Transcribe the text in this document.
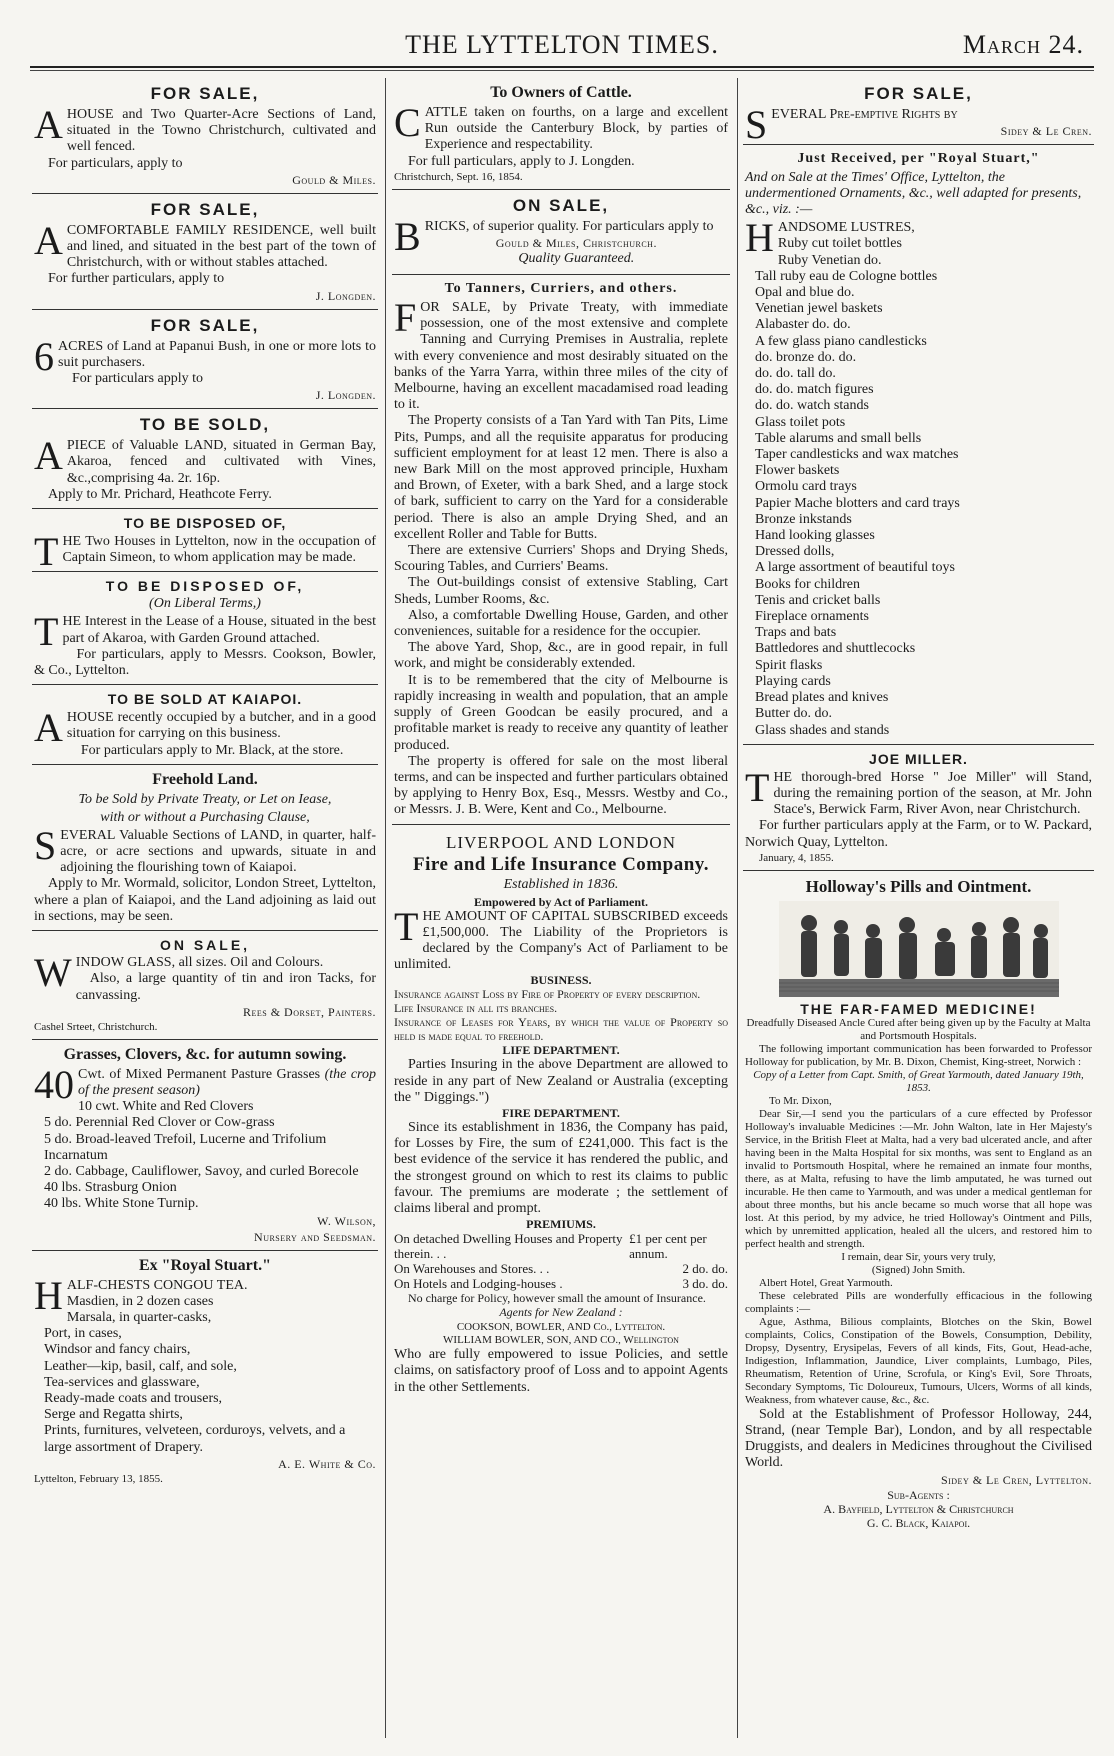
THE LYTTELTON TIMES.	March 24.
FOR SALE,

AHOUSE and Two Quarter-Acre Sections of Land, situated in the Towno Christchurch, cultivated and well fenced.

For particulars, apply to

Gould & Miles.
FOR SALE,

ACOMFORTABLE FAMILY RESIDENCE, well built and lined, and situated in the best part of the town of Christchurch, with or without stables attached.

For further particulars, apply to

J. Longden.
FOR SALE,

6 ACRES of Land at Papanui Bush, in one or more lots to suit purchasers.

For particulars apply to

J. Longden.
TO BE SOLD,

APIECE of Valuable LAND, situated in German Bay, Akaroa, fenced and cultivated with Vines, &c.,comprising 4a. 2r. 16p.

Apply to Mr. Prichard, Heathcote Ferry.

TO BE DISPOSED OF,

THE Two Houses in Lyttelton, now in the occupation of Captain Simeon, to whom application may be made.

TO BE DISPOSED OF,
(On Liberal Terms,)

THE Interest in the Lease of a House, situated in the best part of Akaroa, with Garden Ground attached.

For particulars, apply to Messrs. Cookson, Bowler, & Co., Lyttelton.

TO BE SOLD AT KAIAPOI.

AHOUSE recently occupied by a butcher, and in a good situation for carrying on this business.

For particulars apply to Mr. Black, at the store.

Freehold Land.
To be Sold by Private Treaty, or Let on Iease,
with or without a Purchasing Clause,

SEVERAL Valuable Sections of LAND, in quarter, half-acre, or acre sections and upwards, situate in and adjoining the flourishing town of Kaiapoi.

Apply to Mr. Wormald, solicitor, London Street, Lyttelton, where a plan of Kaiapoi, and the Land adjoining as laid out in sections, may be seen.

ON SALE,

WINDOW GLASS, all sizes. Oil and Colours.

Also, a large quantity of tin and iron Tacks, for canvassing.

Rees & Dorset, Painters.
Cashel Srteet, Christchurch.
Grasses, Clovers, &c. for autumn sowing.

40 Cwt. of Mixed Permanent Pasture Grasses (the crop of the present season)

10 cwt. White and Red Clovers
5 do. Perennial Red Clover or Cow-grass
5 do. Broad-leaved Trefoil, Lucerne and Trifolium Incarnatum
2 do. Cabbage, Cauliflower, Savoy, and curled Borecole
40 lbs. Strasburg Onion
40 lbs. White Stone Turnip.
W. Wilson,
Nursery and Seedsman.
Ex "Royal Stuart."

HALF-CHESTS CONGOU TEA.

Masdien, in 2 dozen cases
Marsala, in quarter-casks,
Port, in cases,
Windsor and fancy chairs,
Leather—kip, basil, calf, and sole,
Tea-services and glassware,
Ready-made coats and trousers,
Serge and Regatta shirts,
Prints, furnitures, velveteen, corduroys, velvets, and a large assortment of Drapery.
A. E. White & Co.
Lyttelton, February 13, 1855.
To Owners of Cattle.

CATTLE taken on fourths, on a large and excellent Run outside the Canterbury Block, by parties of Experience and respectability.

For full particulars, apply to J. Longden.

Christchurch, Sept. 16, 1854.
ON SALE,

BRICKS, of superior quality. For particulars apply to

Gould & Miles, Christchurch.
Quality Guaranteed.
To Tanners, Curriers, and others.

FOR SALE, by Private Treaty, with immediate possession, one of the most extensive and complete Tanning and Currying Premises in Australia, replete with every convenience and most desirably situated on the banks of the Yarra Yarra, within three miles of the city of Melbourne, having an excellent macadamised road leading to it.

The Property consists of a Tan Yard with Tan Pits, Lime Pits, Pumps, and all the requisite apparatus for producing sufficient employment for at least 12 men. There is also a new Bark Mill on the most approved principle, Huxham and Brown, of Exeter, with a bark Shed, and a large stock of bark, sufficient to carry on the Yard for a considerable period. There is also an ample Drying Shed, and an excellent Roller and Table for Butts.

There are extensive Curriers' Shops and Drying Sheds, Scouring Tables, and Curriers' Beams.

The Out-buildings consist of extensive Stabling, Cart Sheds, Lumber Rooms, &c.

Also, a comfortable Dwelling House, Garden, and other conveniences, suitable for a residence for the occupier.

The above Yard, Shop, &c., are in good repair, in full work, and might be considerably extended.

It is to be remembered that the city of Melbourne is rapidly increasing in wealth and population, that an ample supply of Green Goodcan be easily procured, and a profitable market is ready to receive any quantity of leather produced.

The property is offered for sale on the most liberal terms, and can be inspected and further particulars obtained by applying to Henry Box, Esq., Messrs. Westby and Co., or Messrs. J. B. Were, Kent and Co., Melbourne.

LIVERPOOL AND LONDON
Fire and Life Insurance Company.
Established in 1836.
Empowered by Act of Parliament.

THE AMOUNT OF CAPITAL SUBSCRIBED exceeds £1,500,000. The Liability of the Proprietors is declared by the Company's Act of Parliament to be unlimited.

BUSINESS.

Insurance against Loss by Fire of Property of every description.

Life Insurance in all its branches.

Insurance of Leases for Years, by which the value of Property so held is made equal to freehold.

LIFE DEPARTMENT.

Parties Insuring in the above Department are allowed to reside in any part of New Zealand or Australia (excepting the " Diggings.")

FIRE DEPARTMENT.

Since its establishment in 1836, the Company has paid, for Losses by Fire, the sum of £241,000. This fact is the best evidence of the service it has rendered the public, and the strongest ground on which to rest its claims to public favour. The premiums are moderate ; the settlement of claims liberal and prompt.

PREMIUMS.
On detached Dwelling Houses and Property therein. . .
£1 per cent per annum.
On Warehouses and Stores. . .	2 do. do.
On Hotels and Lodging-houses .	3 do. do.

No charge for Policy, however small the amount of Insurance.

Agents for New Zealand :
COOKSON, BOWLER, AND Co., Lyttelton.
WILLIAM BOWLER, SON, AND CO., Wellington

Who are fully empowered to issue Policies, and settle claims, on satisfactory proof of Loss and to appoint Agents in the other Settlements.

FOR SALE,

SEVERAL Pre-emptive Rights by

Sidey & Le Cren.
Just Received, per "Royal Stuart,"
And on Sale at the Times' Office, Lyttelton, the undermentioned Ornaments, &c., well adapted for presents, &c., viz. :—

HANDSOME LUSTRES,

Ruby cut toilet bottles
Ruby Venetian do.
Tall ruby eau de Cologne bottles
Opal and blue do.
Venetian jewel baskets
Alabaster do. do.
A few glass piano candlesticks
do. bronze do. do.
do. do. tall do.
do. do. match figures
do. do. watch stands
Glass toilet pots
Table alarums and small bells
Taper candlesticks and wax matches
Flower baskets
Ormolu card trays
Papier Mache blotters and card trays
Bronze inkstands
Hand looking glasses
Dressed dolls,
A large assortment of beautiful toys
Books for children
Tenis and cricket balls
Fireplace ornaments
Traps and bats
Battledores and shuttlecocks
Spirit flasks
Playing cards
Bread plates and knives
Butter do. do.
Glass shades and stands
JOE MILLER.

THE thorough-bred Horse " Joe Miller" will Stand, during the remaining portion of the season, at Mr. John Stace's, Berwick Farm, River Avon, near Christchurch.

For further particulars apply at the Farm, or to W. Packard, Norwich Quay, Lyttelton.

January, 4, 1855.
Holloway's Pills and Ointment.
THE FAR-FAMED MEDICINE!

Dreadfully Diseased Ancle Cured after being given up by the Faculty at Malta and Portsmouth Hospitals.

The following important communication has been forwarded to Professor Holloway for publication, by Mr. B. Dixon, Chemist, King-street, Norwich :

Copy of a Letter from Capt. Smith, of Great Yarmouth, dated January 19th, 1853.

To Mr. Dixon,

Dear Sir,—I send you the particulars of a cure effected by Professor Holloway's invaluable Medicines :—Mr. John Walton, late in Her Majesty's Service, in the British Fleet at Malta, had a very bad ulcerated ancle, and after having been in the Malta Hospital for six months, was sent to England as an invalid to Portsmouth Hospital, where he remained an inmate four months, there, as at Malta, refusing to have the limb amputated, he was turned out incurable. He then came to Yarmouth, and was under a medical gentleman for about three months, but his ancle became so much worse that all hope was lost. At this period, by my advice, he tried Holloway's Ointment and Pills, which by unremitted application, healed all the ulcers, and restored him to perfect health and strength.

I remain, dear Sir, yours very truly,

(Signed) John Smith.

Albert Hotel, Great Yarmouth.

These celebrated Pills are wonderfully efficacious in the following complaints :—

Ague, Asthma, Bilious complaints, Blotches on the Skin, Bowel complaints, Colics, Constipation of the Bowels, Consumption, Debility, Dropsy, Dysentry, Erysipelas, Fevers of all kinds, Fits, Gout, Head-ache, Indigestion, Inflammation, Jaundice, Liver complaints, Lumbago, Piles, Rheumatism, Retention of Urine, Scrofula, or King's Evil, Sore Throats, Secondary Symptoms, Tic Doloureux, Tumours, Ulcers, Worms of all kinds, Weakness, from whatever cause, &c., &c.

Sold at the Establishment of Professor Holloway, 244, Strand, (near Temple Bar), London, and by all respectable Druggists, and dealers in Medicines throughout the Civilised World.

Sidey & Le Cren, Lyttelton.
Sub-Agents :
A. Bayfield, Lyttelton & Christchurch
G. C. Black, Kaiapoi.
